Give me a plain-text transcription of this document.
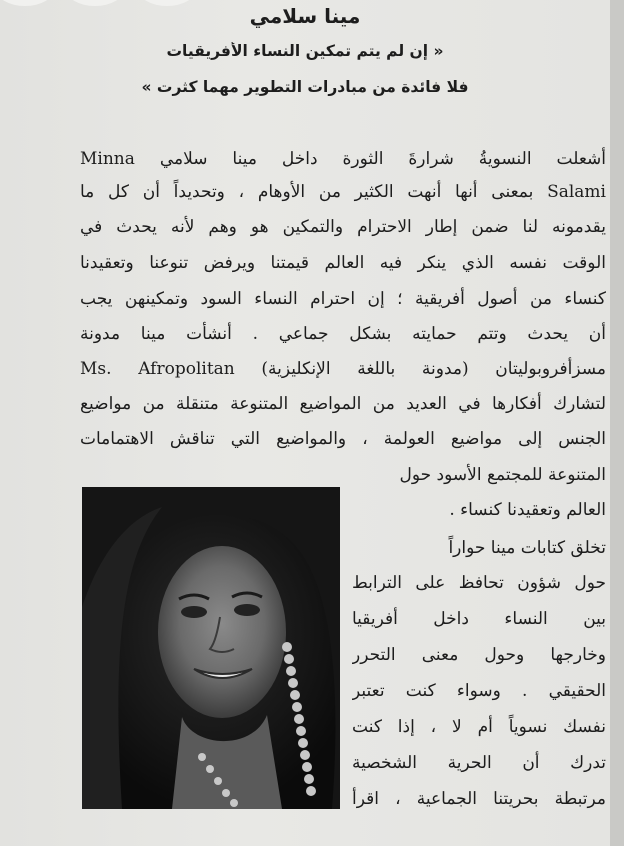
مينا سلامي
« إن لم يتم تمكين النساء الأفريقيات
فلا فائدة من مبادرات التطوير مهما كثرت »
أشعلت النسويةُ شرارةَ الثورة داخل مينا سلامي Minna
Salami بمعنى أنها أنهت الكثير من الأوهام ، وتحديداً أن كل ما
يقدمونه لنا ضمن إطار الاحترام والتمكين هو وهم لأنه يحدث في
الوقت نفسه الذي ينكر فيه العالم قيمتنا ويرفض تنوعنا وتعقيدنا
كنساء من أصول أفريقية ؛ إن احترام النساء السود وتمكينهن يجب
أن يحدث وتتم حمايته بشكل جماعي . أنشأت مينا مدونة
مسزأفروبوليتان (مدونة باللغة الإنكليزية) Ms. Afropolitan
لتشارك أفكارها في العديد من المواضيع المتنوعة متنقلة من مواضيع
الجنس إلى مواضيع العولمة ، والمواضيع التي تناقش الاهتمامات
المتنوعة للمجتمع الأسود حول
العالم وتعقيدنا كنساء .
تخلق كتابات مينا حواراً
حول شؤون تحافظ على الترابط
بين النساء داخل أفريقيا
وخارجها وحول معنى التحرر
الحقيقي . وسواء كنت تعتبر
نفسك نسوياً أم لا ، إذا كنت
تدرك أن الحرية الشخصية
مرتبطة بحريتنا الجماعية ، اقرأ
